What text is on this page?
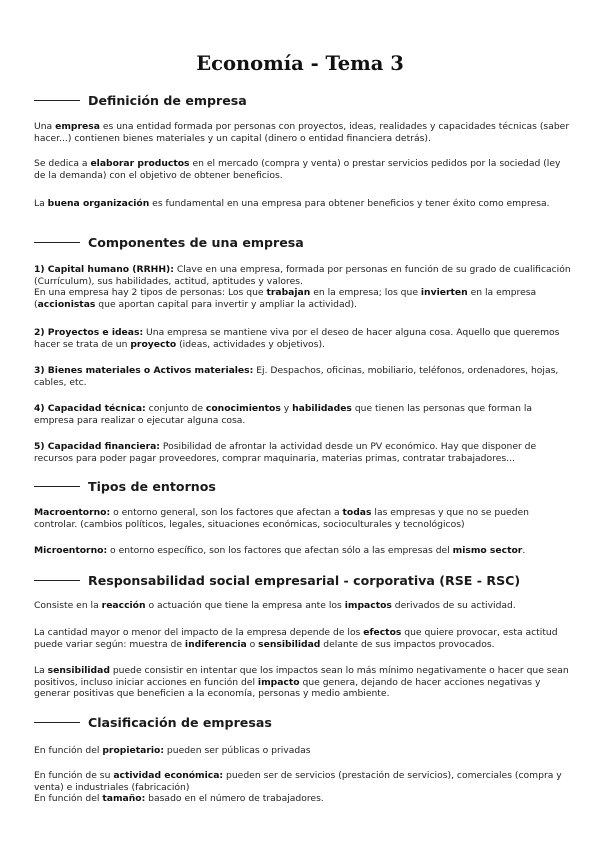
Economía - Tema 3
Definición de empresa

Una empresa es una entidad formada por personas con proyectos, ideas, realidades y capacidades técnicas (saber hacer...) contienen bienes materiales y un capital (dinero o entidad financiera detrás).

Se dedica a elaborar productos en el mercado (compra y venta) o prestar servicios pedidos por la sociedad (ley de la demanda) con el objetivo de obtener beneficios.

La buena organización es fundamental en una empresa para obtener beneficios y tener éxito como empresa.

Componentes de una empresa

1) Capital humano (RRHH): Clave en una empresa, formada por personas en función de su grado de cualificación (Currículum), sus habilidades, actitud, aptitudes y valores.
En una empresa hay 2 tipos de personas: Los que trabajan en la empresa; los que invierten en la empresa (accionistas que aportan capital para invertir y ampliar la actividad).

2) Proyectos e ideas: Una empresa se mantiene viva por el deseo de hacer alguna cosa. Aquello que queremos hacer se trata de un proyecto (ideas, actividades y objetivos).

3) Bienes materiales o Activos materiales: Ej. Despachos, oficinas, mobiliario, teléfonos, ordenadores, hojas, cables, etc.

4) Capacidad técnica: conjunto de conocimientos y habilidades que tienen las personas que forman la empresa para realizar o ejecutar alguna cosa.

5) Capacidad financiera: Posibilidad de afrontar la actividad desde un PV económico. Hay que disponer de recursos para poder pagar proveedores, comprar maquinaria, materias primas, contratar trabajadores...

Tipos de entornos

Macroentorno: o entorno general, son los factores que afectan a todas las empresas y que no se pueden controlar. (cambios políticos, legales, situaciones económicas, socioculturales y tecnológicos)

Microentorno: o entorno específico, son los factores que afectan sólo a las empresas del mismo sector.

Responsabilidad social empresarial - corporativa (RSE - RSC)

Consiste en la reacción o actuación que tiene la empresa ante los impactos derivados de su actividad.

La cantidad mayor o menor del impacto de la empresa depende de los efectos que quiere provocar, esta actitud puede variar según: muestra de indiferencia o sensibilidad delante de sus impactos provocados.

La sensibilidad puede consistir en intentar que los impactos sean lo más mínimo negativamente o hacer que sean positivos, incluso iniciar acciones en función del impacto que genera, dejando de hacer acciones negativas y generar positivas que beneficien a la economía, personas y medio ambiente.

Clasificación de empresas

En función del propietario: pueden ser públicas o privadas

En función de su actividad económica: pueden ser de servicios (prestación de servicios), comerciales (compra y venta) e industriales (fabricación)
En función del tamaño: basado en el número de trabajadores.
